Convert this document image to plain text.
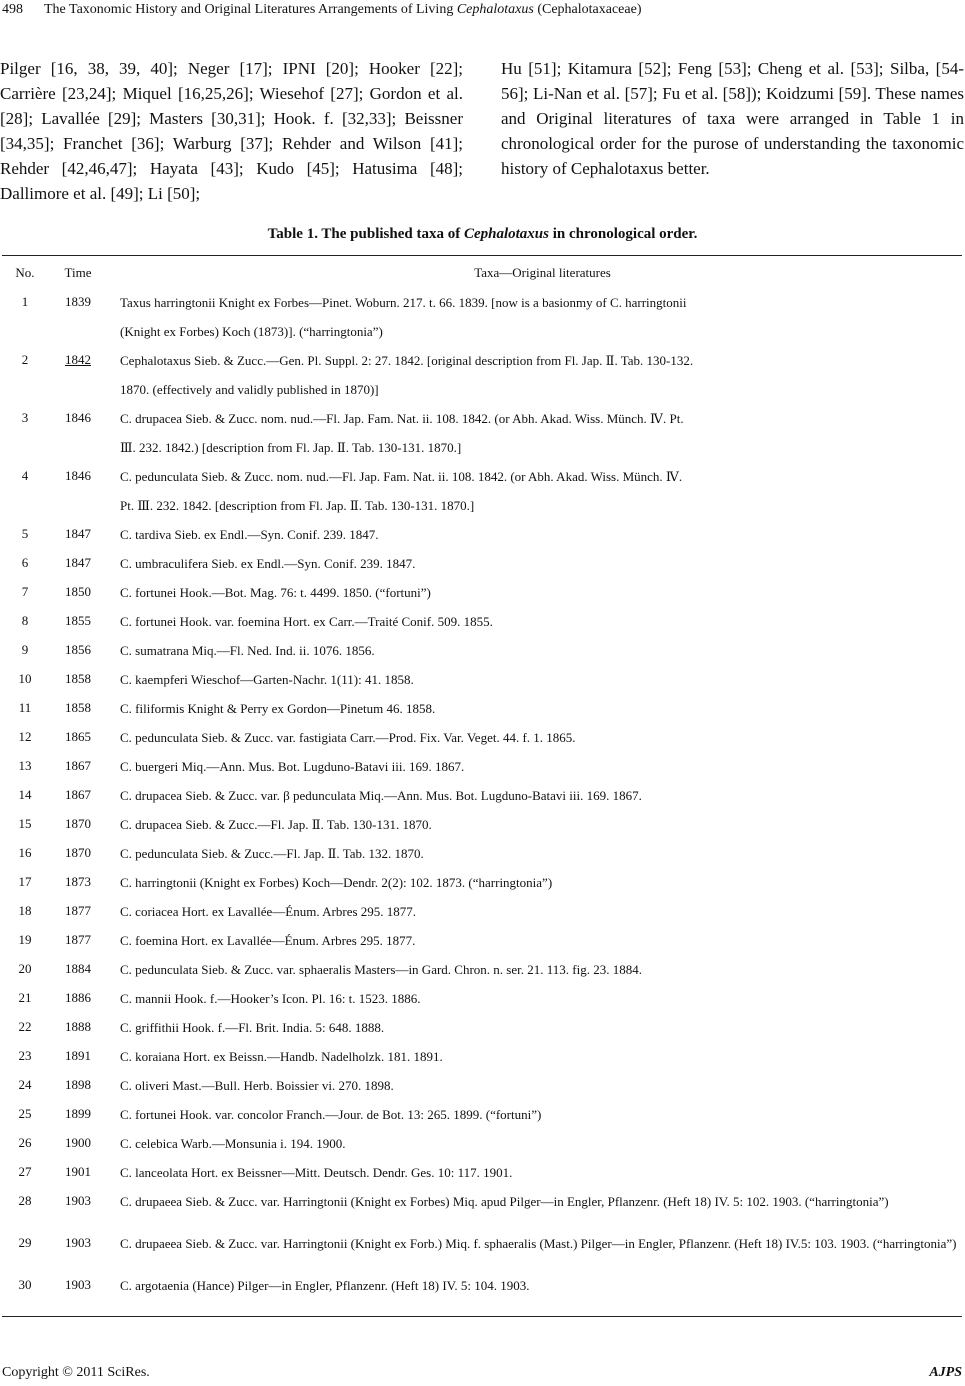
498 The Taxonomic History and Original Literatures Arrangements of Living Cephalotaxus (Cephalotaxaceae)
Pilger [16, 38, 39, 40]; Neger [17]; IPNI [20]; Hooker [22]; Carrière [23,24]; Miquel [16,25,26]; Wiesehof [27]; Gordon et al. [28]; Lavallée [29]; Masters [30,31]; Hook. f. [32,33]; Beissner [34,35]; Franchet [36]; Warburg [37]; Rehder and Wilson [41]; Rehder [42,46,47]; Hayata [43]; Kudo [45]; Hatusima [48]; Dallimore et al. [49]; Li [50];
Hu [51]; Kitamura [52]; Feng [53]; Cheng et al. [53]; Silba, [54-56]; Li-Nan et al. [57]; Fu et al. [58]); Koidzumi [59]. These names and Original literatures of taxa were arranged in Table 1 in chronological order for the purose of understanding the taxonomic history of Cephalotaxus better.
Table 1. The published taxa of Cephalotaxus in chronological order.
No.	Time	Taxa―Original literatures
1	1839	Taxus harringtonii Knight ex Forbes―Pinet. Woburn. 217. t. 66. 1839. [now is a basionmy of C. harringtonii
(Knight ex Forbes) Koch (1873)]. (“harringtonia”)
2	1842	Cephalotaxus Sieb. & Zucc.―Gen. Pl. Suppl. 2: 27. 1842. [original description from Fl. Jap. Ⅱ. Tab. 130-132.
1870. (effectively and validly published in 1870)]
3	1846	C. drupacea Sieb. & Zucc. nom. nud.―Fl. Jap. Fam. Nat. ii. 108. 1842. (or Abh. Akad. Wiss. Münch. Ⅳ. Pt.
Ⅲ. 232. 1842.) [description from Fl. Jap. Ⅱ. Tab. 130-131. 1870.]
4	1846	C. pedunculata Sieb. & Zucc. nom. nud.―Fl. Jap. Fam. Nat. ii. 108. 1842. (or Abh. Akad. Wiss. Münch. Ⅳ.
Pt. Ⅲ. 232. 1842. [description from Fl. Jap. Ⅱ. Tab. 130-131. 1870.]
5	1847	C. tardiva Sieb. ex Endl.―Syn. Conif. 239. 1847.
6	1847	C. umbraculifera Sieb. ex Endl.―Syn. Conif. 239. 1847.
7	1850	C. fortunei Hook.―Bot. Mag. 76: t. 4499. 1850. (“fortuni”)
8	1855	C. fortunei Hook. var. foemina Hort. ex Carr.―Traité Conif. 509. 1855.
9	1856	C. sumatrana Miq.―Fl. Ned. Ind. ii. 1076. 1856.
10	1858	C. kaempferi Wieschof―Garten-Nachr. 1(11): 41. 1858.
11	1858	C. filiformis Knight & Perry ex Gordon―Pinetum 46. 1858.
12	1865	C. pedunculata Sieb. & Zucc. var. fastigiata Carr.―Prod. Fix. Var. Veget. 44. f. 1. 1865.
13	1867	C. buergeri Miq.―Ann. Mus. Bot. Lugduno-Batavi iii. 169. 1867.
14	1867	C. drupacea Sieb. & Zucc. var. β pedunculata Miq.―Ann. Mus. Bot. Lugduno-Batavi iii. 169. 1867.
15	1870	C. drupacea Sieb. & Zucc.―Fl. Jap. Ⅱ. Tab. 130-131. 1870.
16	1870	C. pedunculata Sieb. & Zucc.―Fl. Jap. Ⅱ. Tab. 132. 1870.
17	1873	C. harringtonii (Knight ex Forbes) Koch―Dendr. 2(2): 102. 1873. (“harringtonia”)
18	1877	C. coriacea Hort. ex Lavallée―Énum. Arbres 295. 1877.
19	1877	C. foemina Hort. ex Lavallée―Énum. Arbres 295. 1877.
20	1884	C. pedunculata Sieb. & Zucc. var. sphaeralis Masters―in Gard. Chron. n. ser. 21. 113. fig. 23. 1884.
21	1886	C. mannii Hook. f.―Hooker’s Icon. Pl. 16: t. 1523. 1886.
22	1888	C. griffithii Hook. f.―Fl. Brit. India. 5: 648. 1888.
23	1891	C. koraiana Hort. ex Beissn.―Handb. Nadelholzk. 181. 1891.
24	1898	C. oliveri Mast.―Bull. Herb. Boissier vi. 270. 1898.
25	1899	C. fortunei Hook. var. concolor Franch.―Jour. de Bot. 13: 265. 1899. (“fortuni”)
26	1900	C. celebica Warb.―Monsunia i. 194. 1900.
27	1901	C. lanceolata Hort. ex Beissner―Mitt. Deutsch. Dendr. Ges. 10: 117. 1901.
28	1903	C. drupaeea Sieb. & Zucc. var. Harringtonii (Knight ex Forbes) Miq. apud Pilger―in Engler, Pflanzenr. (Heft 18) IV. 5: 102. 1903. (“harringtonia”)
29	1903	C. drupaeea Sieb. & Zucc. var. Harringtonii (Knight ex Forb.) Miq. f. sphaeralis (Mast.) Pilger―in Engler, Pflanzenr. (Heft 18) IV.5: 103. 1903. (“harringtonia”)
30	1903	C. argotaenia (Hance) Pilger―in Engler, Pflanzenr. (Heft 18) IV. 5: 104. 1903.
Copyright © 2011 SciRes.	AJPS
